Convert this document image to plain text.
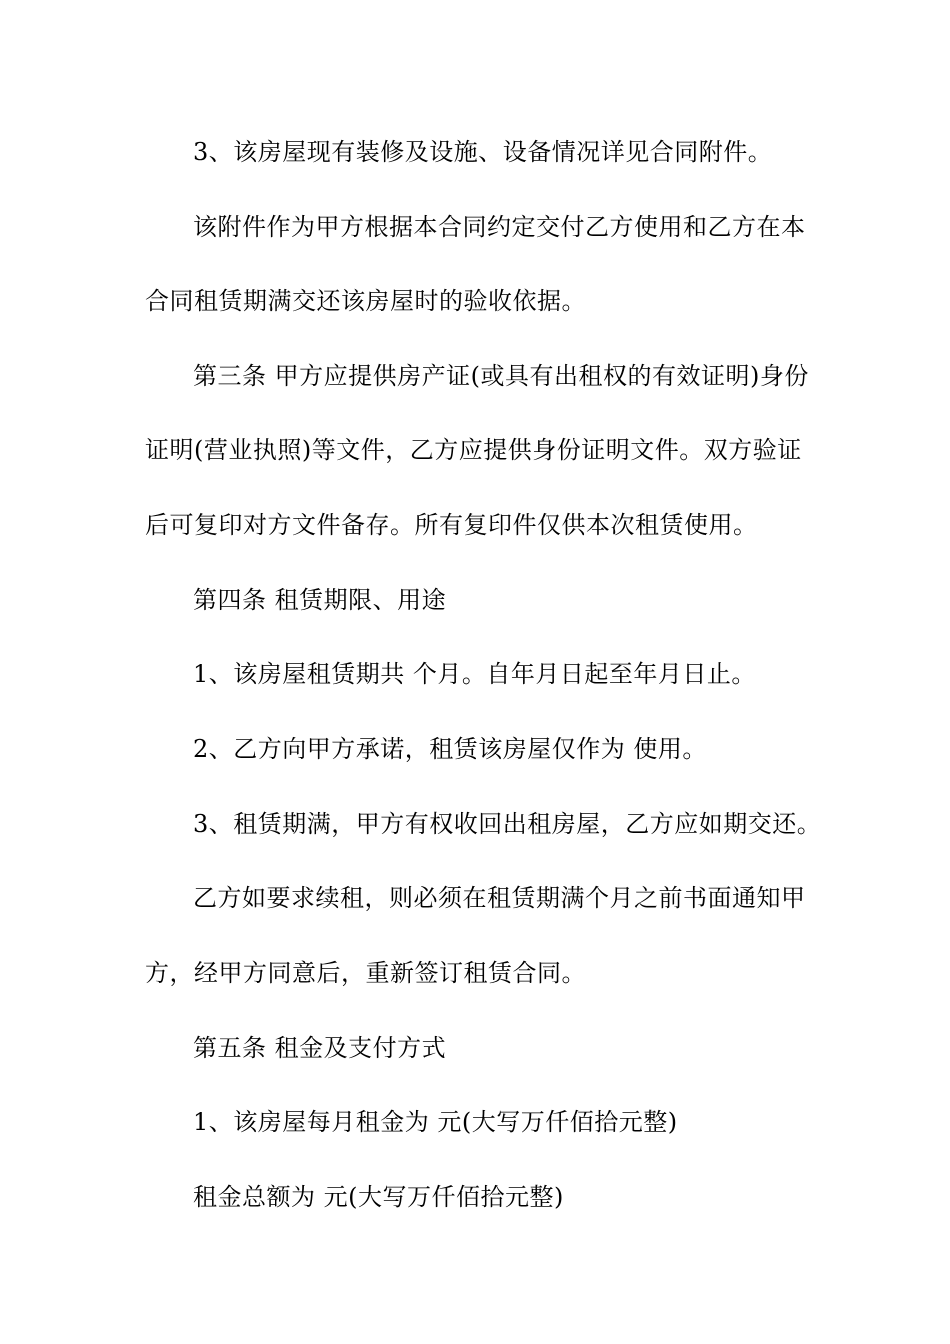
3、该房屋现有装修及设施、设备情况详见合同附件。
该附件作为甲方根据本合同约定交付乙方使用和乙方在本
合同租赁期满交还该房屋时的验收依据。
第三条 甲方应提供房产证(或具有出租权的有效证明)身份
证明(营业执照)等文件，乙方应提供身份证明文件。双方验证
后可复印对方文件备存。所有复印件仅供本次租赁使用。
第四条 租赁期限、用途
1、该房屋租赁期共 个月。自年月日起至年月日止。
2、乙方向甲方承诺，租赁该房屋仅作为 使用。
3、租赁期满，甲方有权收回出租房屋，乙方应如期交还。
乙方如要求续租，则必须在租赁期满个月之前书面通知甲
方，经甲方同意后，重新签订租赁合同。
第五条 租金及支付方式
1、该房屋每月租金为 元(大写万仟佰拾元整)
租金总额为 元(大写万仟佰拾元整)
